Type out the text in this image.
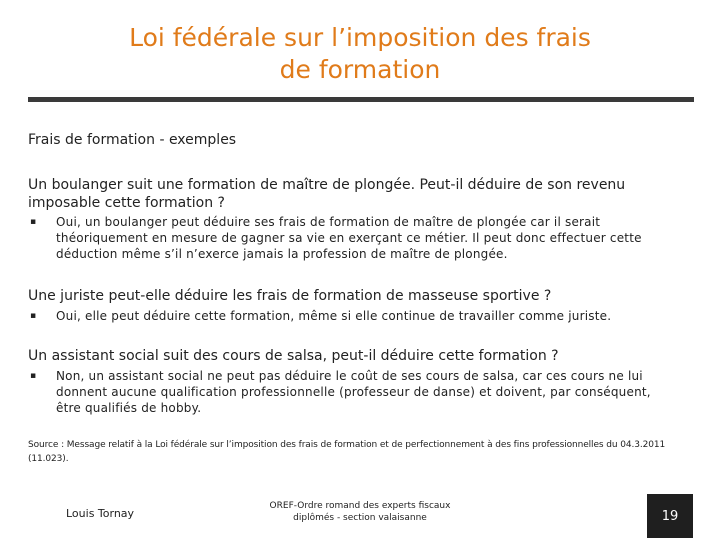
Loi fédérale sur l’imposition des frais
de formation
Frais de formation - exemples
Un boulanger suit une formation de maître de plongée. Peut-il déduire de son revenu imposable cette formation ?
▪ Oui, un boulanger peut déduire ses frais de formation de maître de plongée car il serait théoriquement en mesure de gagner sa vie en exerçant ce métier. Il peut donc effectuer cette déduction même s’il n’exerce jamais la profession de maître de plongée.
Une juriste peut-elle déduire les frais de formation de masseuse sportive ?
▪ Oui, elle peut déduire cette formation, même si elle continue de travailler comme juriste.
Un assistant social suit des cours de salsa, peut-il déduire cette formation ?
▪ Non, un assistant social ne peut pas déduire le coût de ses cours de salsa, car ces cours ne lui donnent aucune qualification professionnelle (professeur de danse) et doivent, par conséquent, être qualifiés de hobby.
Source : Message relatif à la Loi fédérale sur l’imposition des frais de formation et de perfectionnement à des fins professionnelles du 04.3.2011 (11.023).
Louis Tornay
OREF-Ordre romand des experts fiscaux
diplômés - section valaisanne	19
